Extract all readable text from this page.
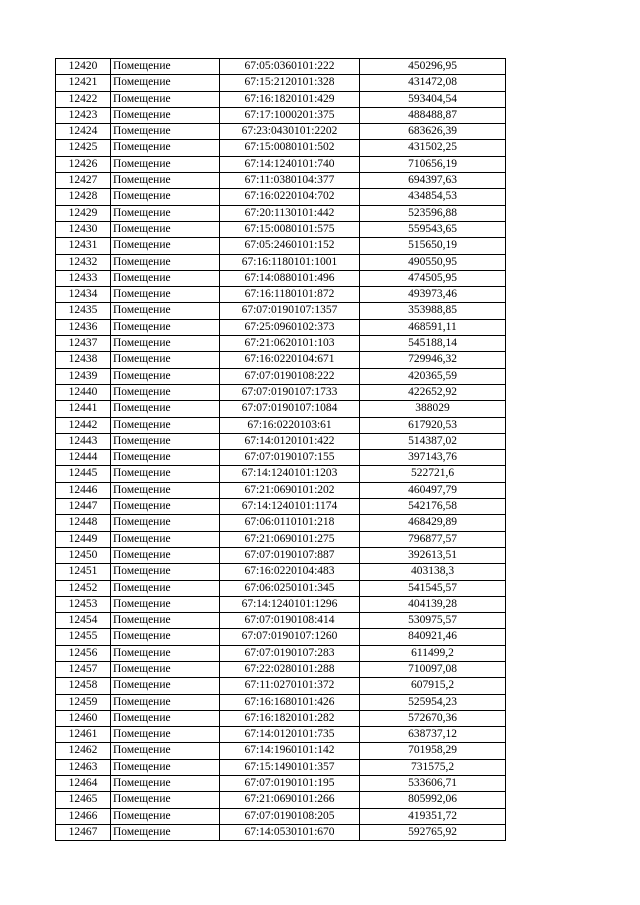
12420	Помещение	67:05:0360101:222	450296,95
12421	Помещение	67:15:2120101:328	431472,08
12422	Помещение	67:16:1820101:429	593404,54
12423	Помещение	67:17:1000201:375	488488,87
12424	Помещение	67:23:0430101:2202	683626,39
12425	Помещение	67:15:0080101:502	431502,25
12426	Помещение	67:14:1240101:740	710656,19
12427	Помещение	67:11:0380104:377	694397,63
12428	Помещение	67:16:0220104:702	434854,53
12429	Помещение	67:20:1130101:442	523596,88
12430	Помещение	67:15:0080101:575	559543,65
12431	Помещение	67:05:2460101:152	515650,19
12432	Помещение	67:16:1180101:1001	490550,95
12433	Помещение	67:14:0880101:496	474505,95
12434	Помещение	67:16:1180101:872	493973,46
12435	Помещение	67:07:0190107:1357	353988,85
12436	Помещение	67:25:0960102:373	468591,11
12437	Помещение	67:21:0620101:103	545188,14
12438	Помещение	67:16:0220104:671	729946,32
12439	Помещение	67:07:0190108:222	420365,59
12440	Помещение	67:07:0190107:1733	422652,92
12441	Помещение	67:07:0190107:1084	388029
12442	Помещение	67:16:0220103:61	617920,53
12443	Помещение	67:14:0120101:422	514387,02
12444	Помещение	67:07:0190107:155	397143,76
12445	Помещение	67:14:1240101:1203	522721,6
12446	Помещение	67:21:0690101:202	460497,79
12447	Помещение	67:14:1240101:1174	542176,58
12448	Помещение	67:06:0110101:218	468429,89
12449	Помещение	67:21:0690101:275	796877,57
12450	Помещение	67:07:0190107:887	392613,51
12451	Помещение	67:16:0220104:483	403138,3
12452	Помещение	67:06:0250101:345	541545,57
12453	Помещение	67:14:1240101:1296	404139,28
12454	Помещение	67:07:0190108:414	530975,57
12455	Помещение	67:07:0190107:1260	840921,46
12456	Помещение	67:07:0190107:283	611499,2
12457	Помещение	67:22:0280101:288	710097,08
12458	Помещение	67:11:0270101:372	607915,2
12459	Помещение	67:16:1680101:426	525954,23
12460	Помещение	67:16:1820101:282	572670,36
12461	Помещение	67:14:0120101:735	638737,12
12462	Помещение	67:14:1960101:142	701958,29
12463	Помещение	67:15:1490101:357	731575,2
12464	Помещение	67:07:0190101:195	533606,71
12465	Помещение	67:21:0690101:266	805992,06
12466	Помещение	67:07:0190108:205	419351,72
12467	Помещение	67:14:0530101:670	592765,92
